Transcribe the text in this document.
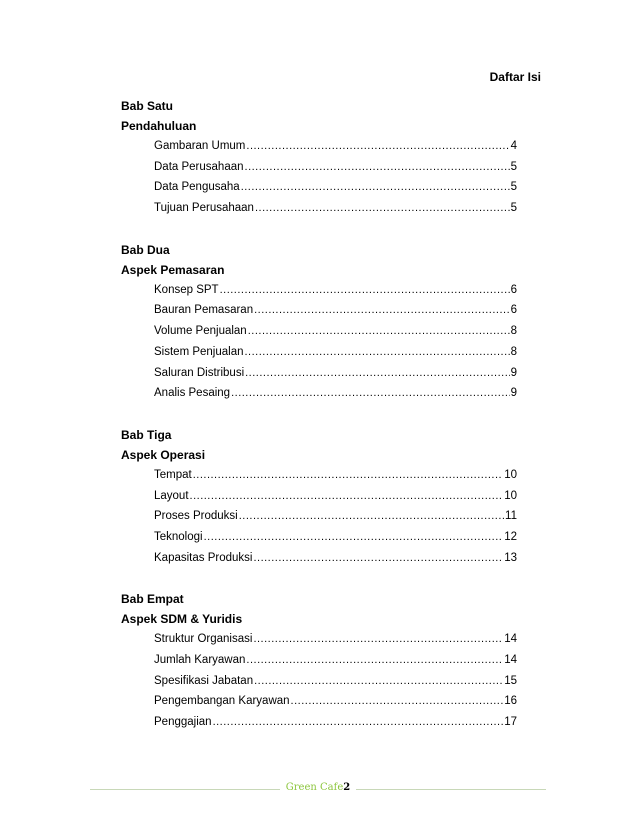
Daftar Isi
Bab Satu
Pendahuluan
Gambaran Umum .....	4
Data Perusahaan .....	5
Data Pengusaha .....	5
Tujuan Perusahaan .....	5
Bab Dua
Aspek Pemasaran
Konsep SPT .....	6
Bauran Pemasaran .....	6
Volume Penjualan .....	8
Sistem Penjualan .....	8
Saluran Distribusi .....	9
Analis Pesaing .....	9
Bab Tiga
Aspek Operasi
Tempat .....	10
Layout .....	10
Proses Produksi .....	11
Teknologi .....	12
Kapasitas Produksi .....	13
Bab Empat
Aspek SDM & Yuridis
Struktur Organisasi .....	14
Jumlah Karyawan .....	14
Spesifikasi Jabatan .....	15
Pengembangan Karyawan .....	16
Penggajian .....	17
Green Cafe2
